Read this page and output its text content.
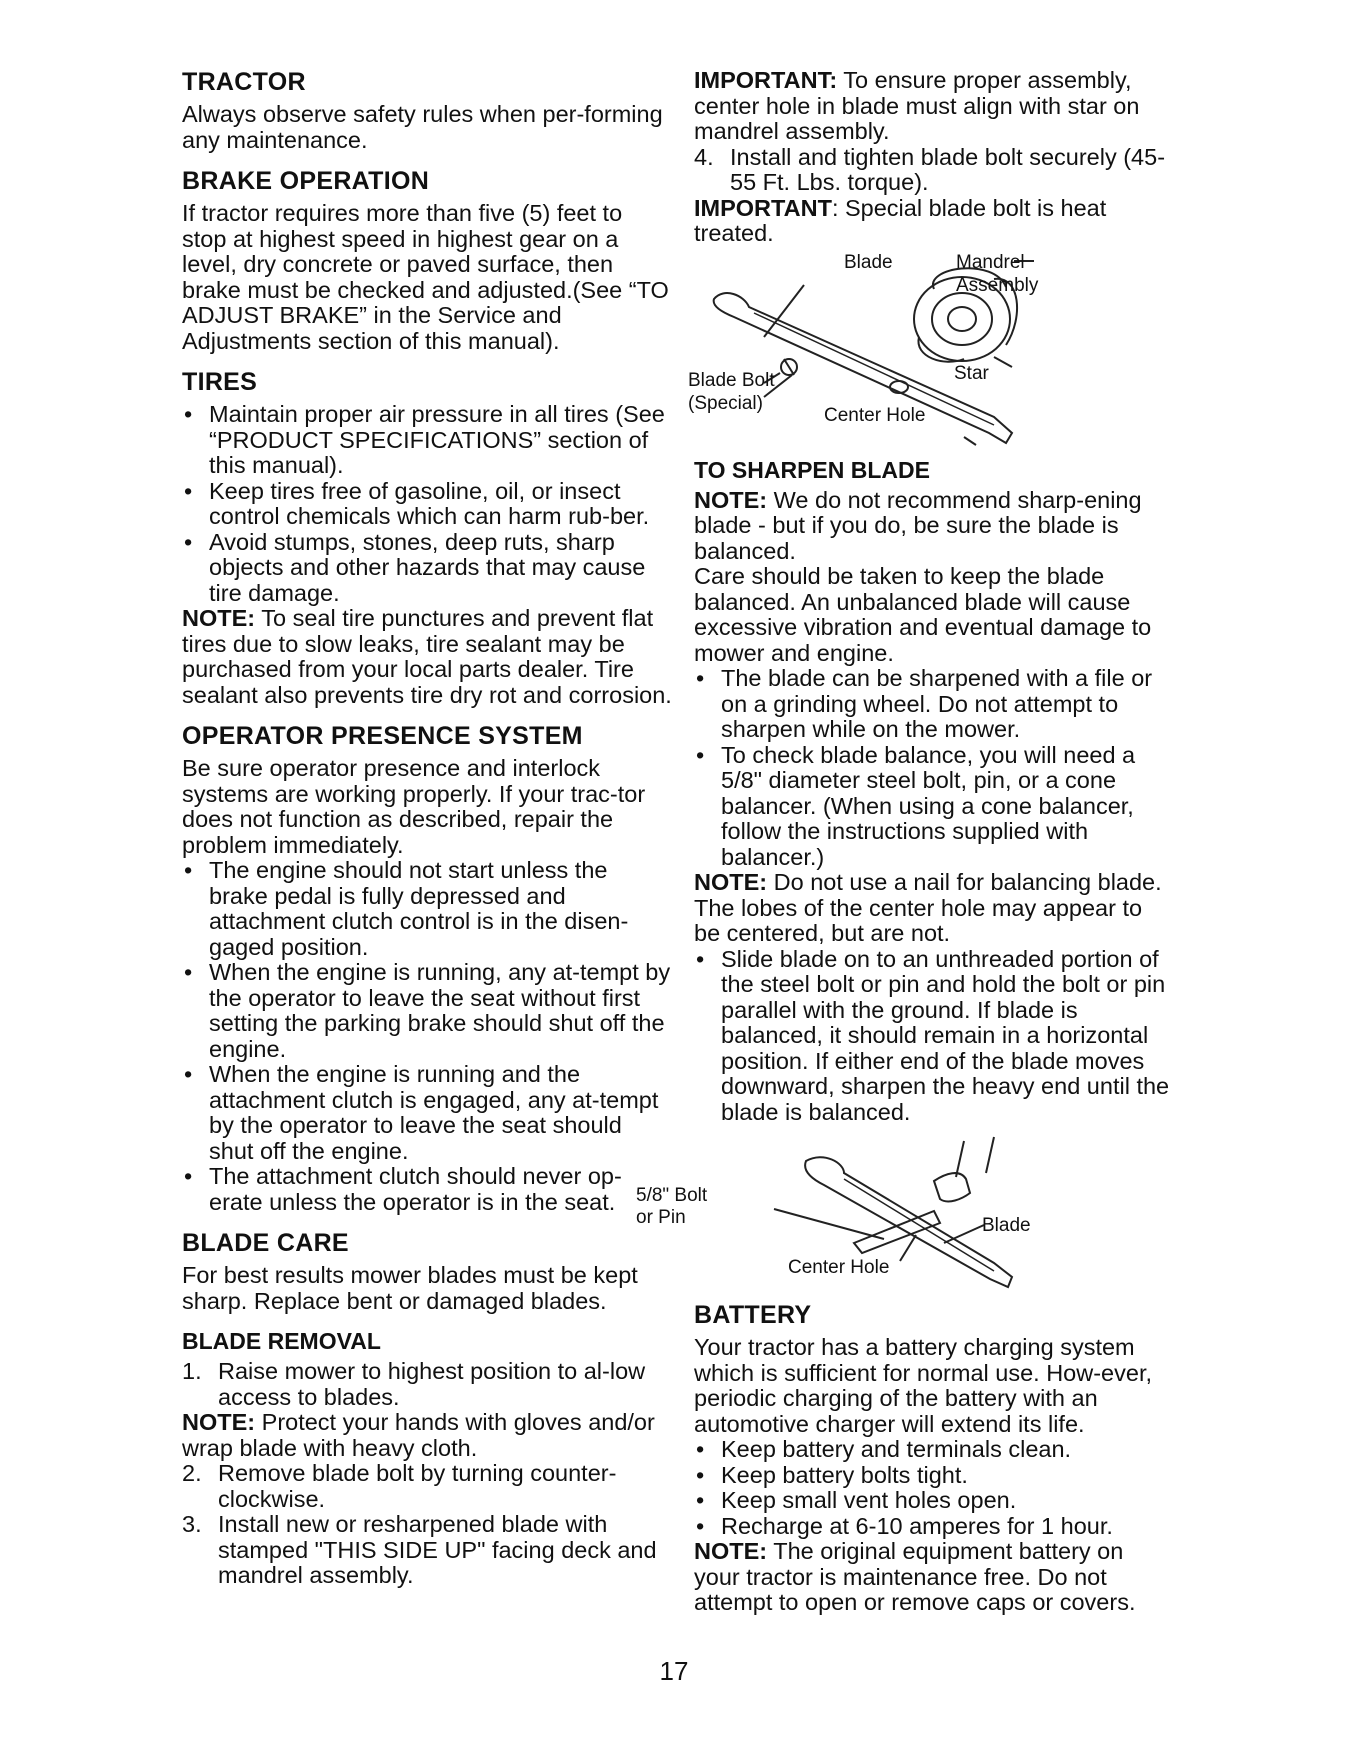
TRACTOR

Always observe safety rules when per-forming any maintenance.

BRAKE OPERATION

If tractor requires more than five (5) feet to stop at highest speed in highest gear on a level, dry concrete or paved surface, then brake must be checked and adjusted.(See “TO ADJUST BRAKE” in the Service and Adjustments section of this manual).

TIRES
• Maintain proper air pressure in all tires (See “PRODUCT SPECIFICATIONS” section of this manual).
• Keep tires free of gasoline, oil, or insect control chemicals which can harm rub-ber.
• Avoid stumps, stones, deep ruts, sharp objects and other hazards that may cause tire damage.

NOTE: To seal tire punctures and prevent flat tires due to slow leaks, tire sealant may be purchased from your local parts dealer. Tire sealant also prevents tire dry rot and corrosion.

OPERATOR PRESENCE SYSTEM

Be sure operator presence and interlock systems are working properly. If your trac-tor does not function as described, repair the problem immediately.

• The engine should not start unless the brake pedal is fully depressed and attachment clutch control is in the disen-gaged position.
• When the engine is running, any at-tempt by the operator to leave the seat without first setting the parking brake should shut off the engine.
• When the engine is running and the attachment clutch is engaged, any at-tempt by the operator to leave the seat should shut off the engine.
• The attachment clutch should never op-erate unless the operator is in the seat.
BLADE CARE

For best results mower blades must be kept sharp. Replace bent or damaged blades.

BLADE REMOVAL
1. Raise mower to highest position to al-low access to blades.

NOTE: Protect your hands with gloves and/or wrap blade with heavy cloth.

2. Remove blade bolt by turning counter-clockwise.
3. Install new or resharpened blade with stamped "THIS SIDE UP" facing deck and mandrel assembly.

IMPORTANT: To ensure proper assembly, center hole in blade must align with star on mandrel assembly.

4. Install and tighten blade bolt securely (45-55 Ft. Lbs. torque).

IMPORTANT: Special blade bolt is heat treated.

Blade	Mandrel
Assembly
Blade Bolt
(Special)
Star
Center Hole
TO SHARPEN BLADE

NOTE: We do not recommend sharp-ening blade - but if you do, be sure the blade is balanced.

Care should be taken to keep the blade balanced. An unbalanced blade will cause excessive vibration and eventual damage to mower and engine.

• The blade can be sharpened with a file or on a grinding wheel. Do not attempt to sharpen while on the mower.
• To check blade balance, you will need a 5/8" diameter steel bolt, pin, or a cone balancer. (When using a cone balancer, follow the instructions supplied with balancer.)

NOTE: Do not use a nail for balancing blade. The lobes of the center hole may appear to be centered, but are not.

• Slide blade on to an unthreaded portion of the steel bolt or pin and hold the bolt or pin parallel with the ground. If blade is balanced, it should remain in a horizontal position. If either end of the blade moves downward, sharpen the heavy end until the blade is balanced.
5/8" Bolt
or Pin	Blade
Center Hole
BATTERY

Your tractor has a battery charging system which is sufficient for normal use. How-ever, periodic charging of the battery with an automotive charger will extend its life.

• Keep battery and terminals clean.
• Keep battery bolts tight.
• Keep small vent holes open.
• Recharge at 6-10 amperes for 1 hour.

NOTE: The original equipment battery on your tractor is maintenance free. Do not attempt to open or remove caps or covers.

17
